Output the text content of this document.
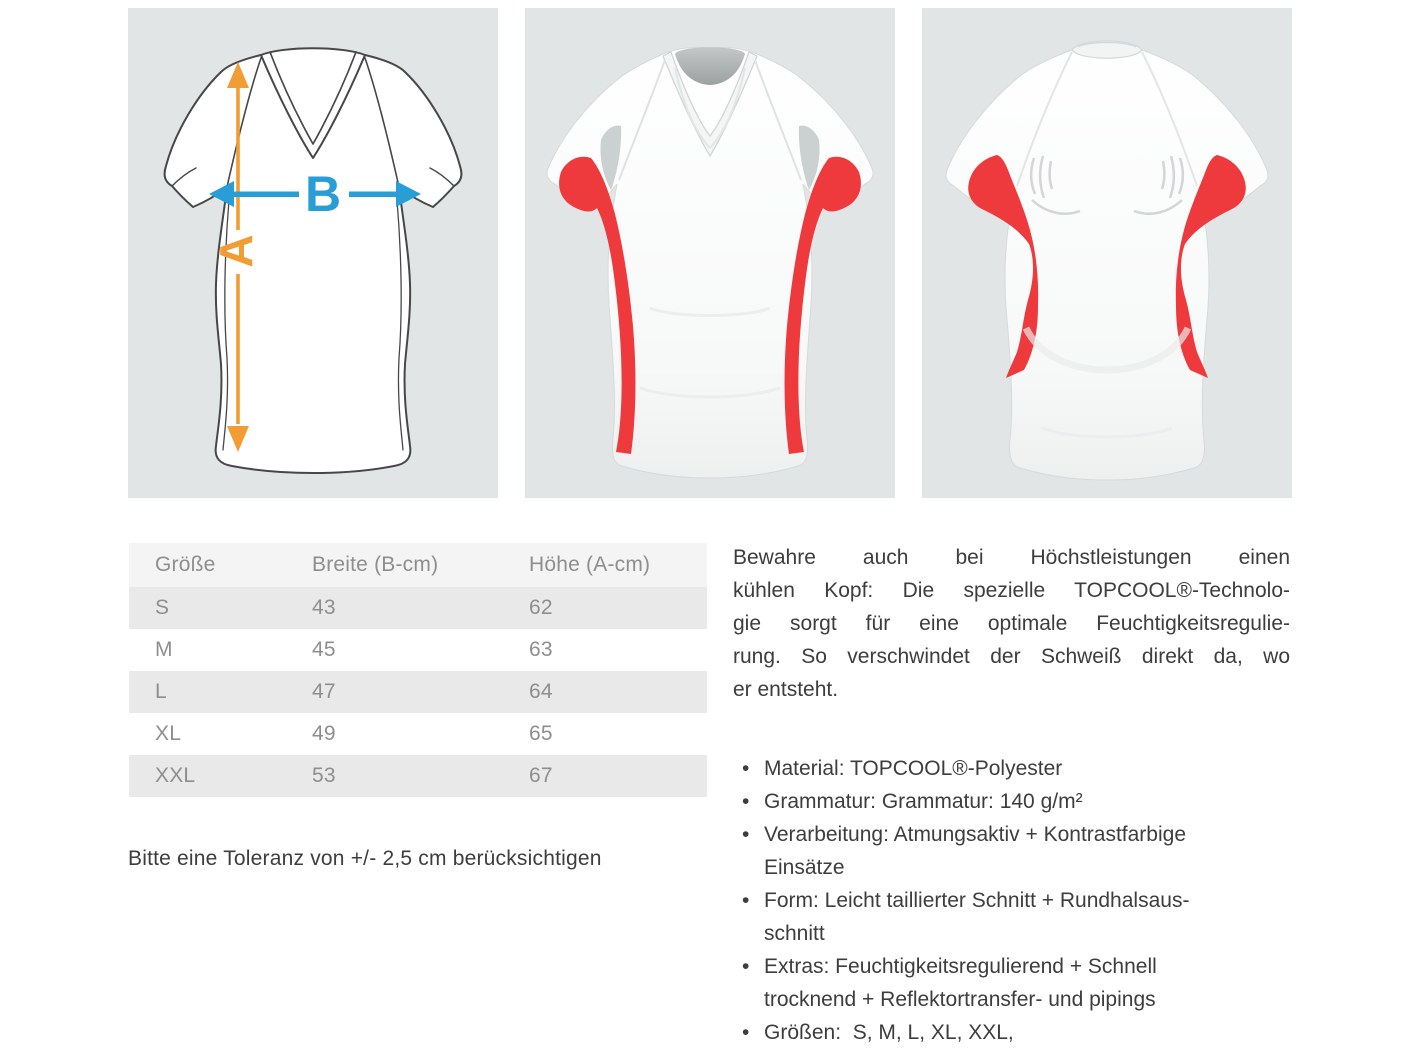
A
B
Größe	Breite (B-cm)	Höhe (A-cm)
S	43	62
M	45	63
L	47	64
XL	49	65
XXL	53	67

Bitte eine Toleranz von +/- 2,5 cm berücksichtigen

Bewahre auch bei Höchstleistungen einen
kühlen Kopf: Die spezielle TOPCOOL®-Technolo-
gie sorgt für eine optimale Feuchtigkeitsregulie-
rung. So verschwindet der Schweiß direkt da, wo
er entsteht.
• Material: TOPCOOL®-Polyester
• Grammatur: Grammatur: 140 g/m²
• Verarbeitung: Atmungsaktiv + Kontrastfarbige
Einsätze
• Form: Leicht taillierter Schnitt + Rundhalsaus-
schnitt
• Extras: Feuchtigkeitsregulierend + Schnell
trocknend + Reflektortransfer- und pipings
• Größen:  S, M, L, XL, XXL,
